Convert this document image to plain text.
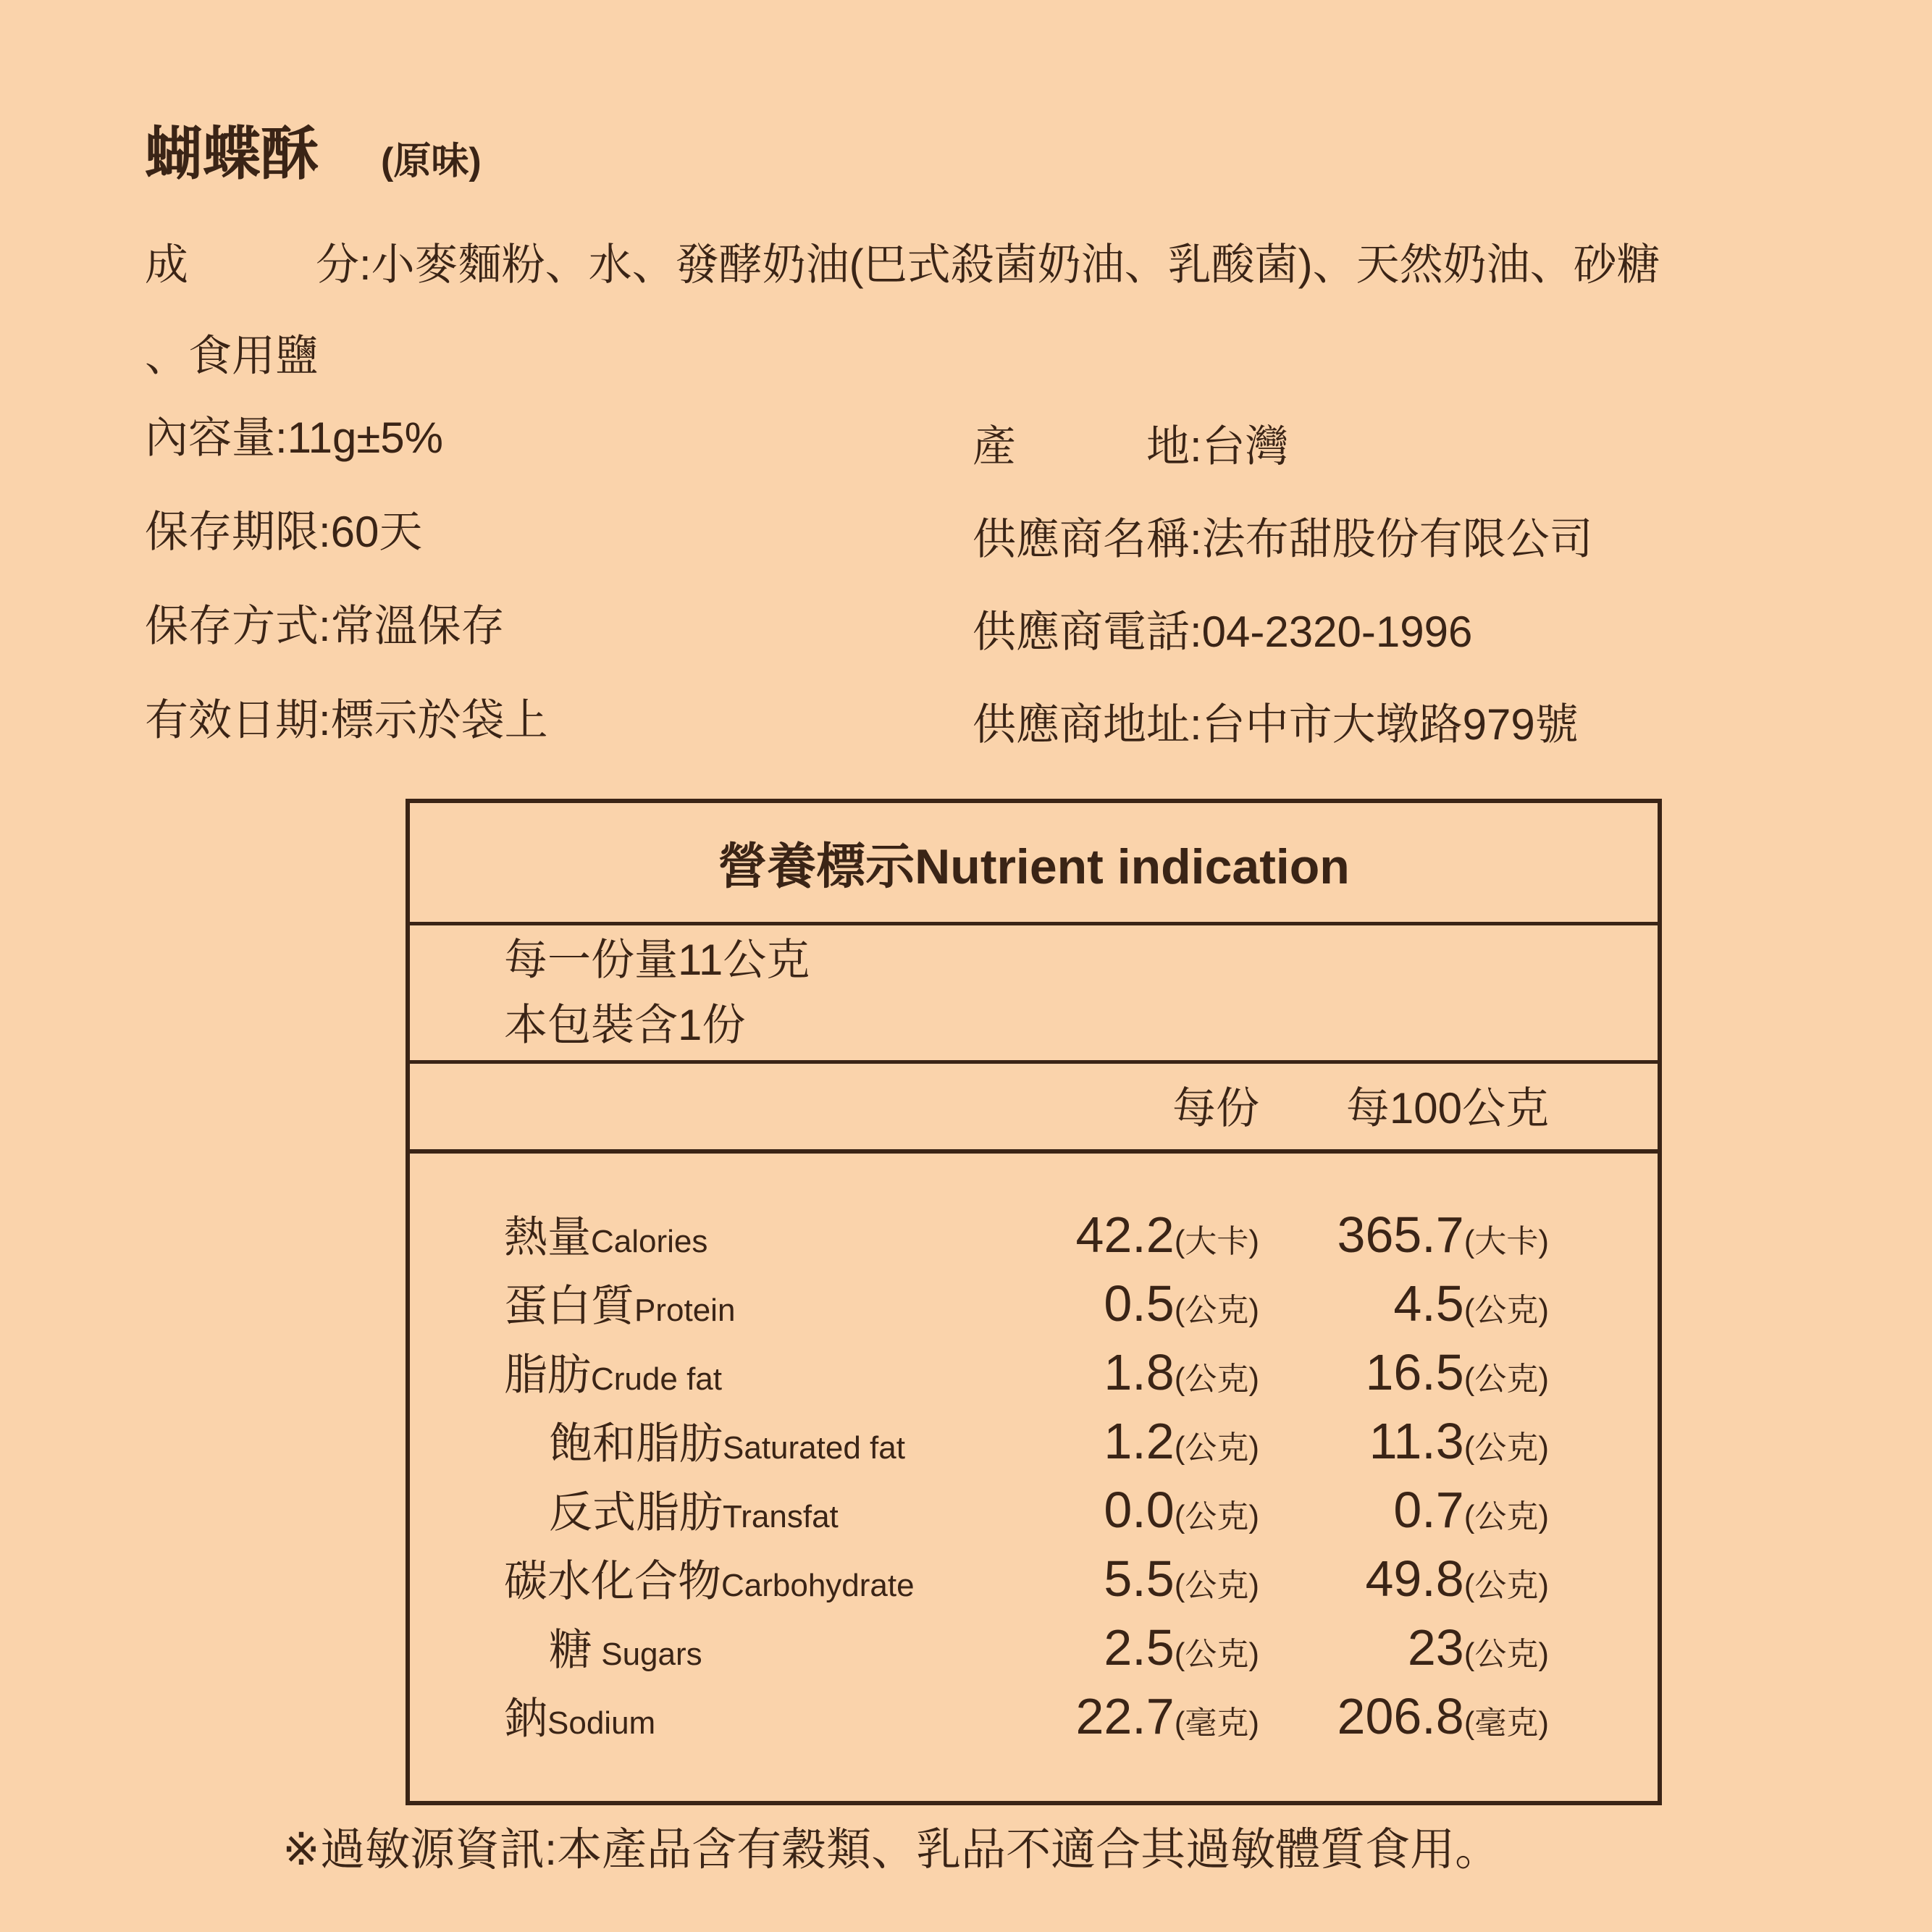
蝴蝶酥 (原味)
成	分 :小麥麵粉、水、發酵奶油(巴式殺菌奶油、乳酸菌)、天然奶油、砂糖
、食用鹽
內容量:11g±5%
保存期限:60天
保存方式:常溫保存
有效日期:標示於袋上
產	地 :台灣
供應商名稱:法布甜股份有限公司
供應商電話:04-2320-1996
供應商地址:台中市大墩路979號
營養標示Nutrient indication
每一份量11公克
本包裝含1份
每份 每100公克
熱量Calories	42.2(大卡) 365.7(大卡)
蛋白質Protein	0.5(公克)	4.5(公克)
脂肪Crude fat	1.8(公克) 16.5(公克)
飽和脂肪Saturated fat	1.2(公克) 11.3(公克)
反式脂肪Transfat	0.0(公克)	0.7(公克)
碳水化合物Carbohydrate	5.5(公克) 49.8(公克)
糖 Sugars	2.5(公克)	23(公克)
鈉Sodium	22.7(毫克) 206.8(毫克)
※過敏源資訊:本產品含有穀類、乳品不適合其過敏體質食用。
